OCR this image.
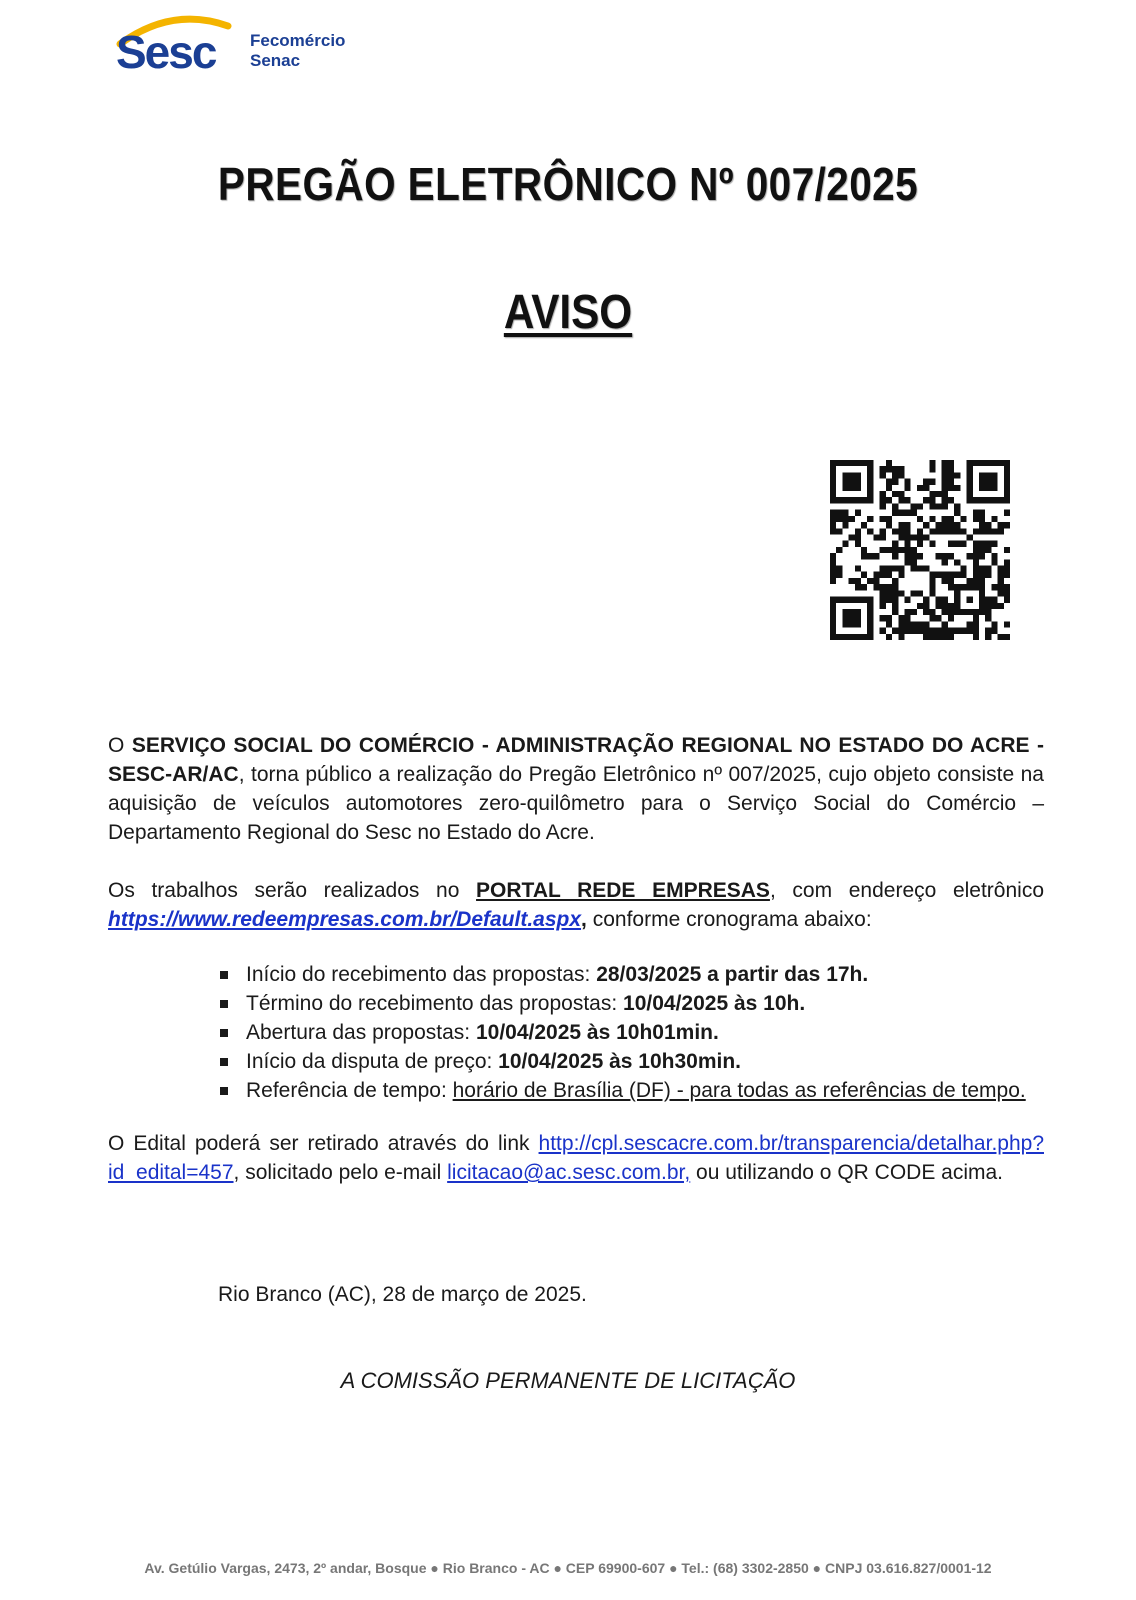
Sesc Fecomércio
Senac
PREGÃO ELETRÔNICO Nº 007/2025
AVISO
O SERVIÇO SOCIAL DO COMÉRCIO - ADMINISTRAÇÃO REGIONAL NO ESTADO DO ACRE - SESC-AR/AC, torna público a realização do Pregão Eletrônico nº 007/2025, cujo objeto consiste na aquisição de veículos automotores zero-quilômetro para o Serviço Social do Comércio – Departamento Regional do Sesc no Estado do Acre.
Os trabalhos serão realizados no PORTAL REDE EMPRESAS, com endereço eletrônico https://www.redeempresas.com.br/Default.aspx, conforme cronograma abaixo:
Início do recebimento das propostas: 28/03/2025 a partir das 17h.
Término do recebimento das propostas: 10/04/2025 às 10h.
Abertura das propostas: 10/04/2025 às 10h01min.
Início da disputa de preço: 10/04/2025 às 10h30min.
Referência de tempo: horário de Brasília (DF) - para todas as referências de tempo.
O Edital poderá ser retirado através do link http://cpl.sescacre.com.br/transparencia/detalhar.php?id_edital=457, solicitado pelo e-mail licitacao@ac.sesc.com.br, ou utilizando o QR CODE acima.
Rio Branco (AC), 28 de março de 2025.
A COMISSÃO PERMANENTE DE LICITAÇÃO
Av. Getúlio Vargas, 2473, 2º andar, Bosque ● Rio Branco - AC ● CEP 69900-607 ● Tel.: (68) 3302-2850 ● CNPJ 03.616.827/0001-12
